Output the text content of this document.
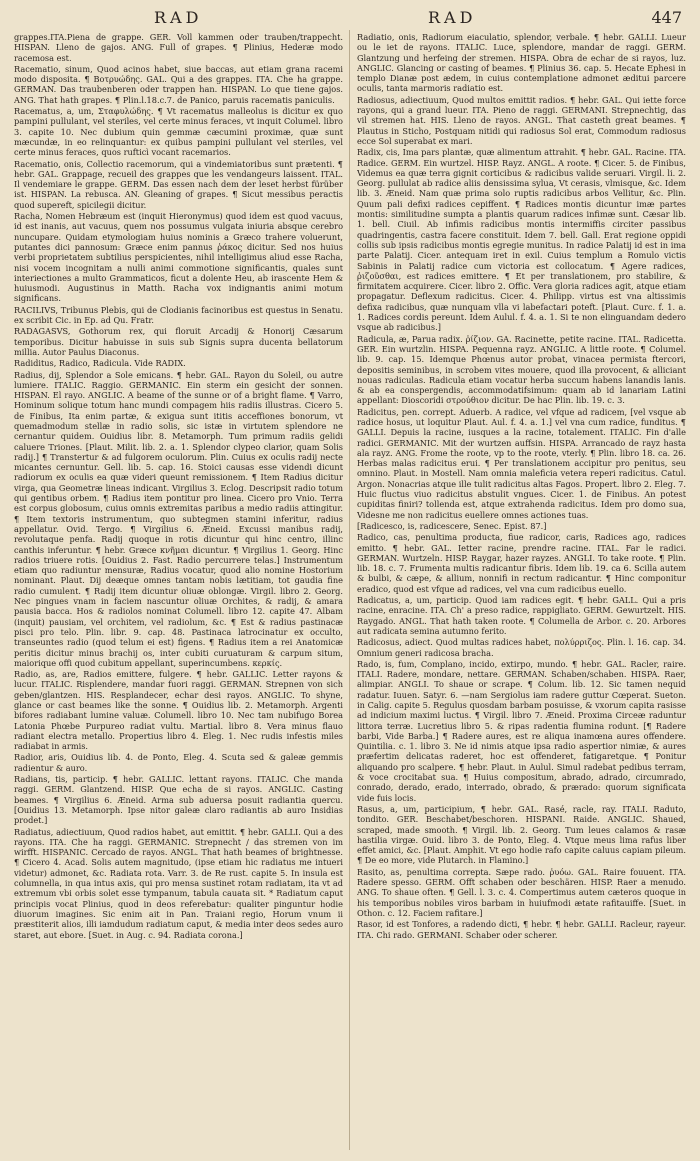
RAD	RAD	447

grappes.ITA.Piena de grappe. GER. Voll kammen oder trauben/trappecht. HISPAN. Lleno de gajos. ANG. Full of grapes. ¶ Plinius, Hederæ modo racemosa est.

Racematio, sinum, Quod acinos habet, siue baccas, aut etiam grana racemi modo disposita. ¶ Βοτρυώδης. GAL. Qui a des grappes. ITA. Che ha grappe. GERMAN. Das traubenberen oder trappen han. HISPAN. Lo que tiene gajos. ANG. That hath grapes. ¶ Plin.l.18.c.7. de Panico, paruis racematis paniculis.

Racematus, a, um, Σταφυλώδης. ¶ Vt racematus malleolus is dicitur ex quo pampini pullulant, vel steriles, vel certe minus feraces, vt inquit Columel. libro 3. capite 10. Nec dubium quin gemmæ cæcumini proximæ, quæ sunt mæcundæ, in eo relinquantur: ex quibus pampini pullulant vel steriles, vel certe minus feraces, quos rufticì vocant racemarios.

Racematio, onis, Collectio racemorum, qui a vindemiatoribus sunt prætenti. ¶ hebr. GAL. Grappage, recueil des grappes que les vendangeurs laissent. ITAL. Il vendemiare le grappe. GERM. Das essen nach dem der leset herbst fürüber ist. HISPAN. La rebusca. AN. Gleaning of grapes. ¶ Sicut messibus peractis quod supereft, spicilegii dicitur.

Racha, Nomen Hebræum est (inquit Hieronymus) quod idem est quod vacuus, id est inanis, aut vacuus, quem nos possumus vulgata iniuria absque cerebro nuncupare. Quidam etymologiam huius nominis a Græco trahere voluerunt, putantes dici pannosum: Græce enim pannus ῥάκος dicitur. Sed nos huius verbi proprietatem subtilius perspicientes, nihil intelligimus aliud esse Racha, nisi vocem incognitam a nulli animi commotione significantis, quales sunt interiectiones a multo Grammaticos, ficut a dolente Heu, ab irascente Hem & huiusmodi. Augustinus in Matth. Racha vox indignantis animi motum significans.

RACILIVS, Tribunus Plebis, qui de Clodianis facinoribus est questus in Senatu. ex scribit Cic. in Ep. ad Qu. Fratr.

RADAGASVS, Gothorum rex, qui floruit Arcadij & Honorij Cæsarum temporibus. Dicitur habuisse in suis sub Signis supra ducenta bellatorum millia. Autor Paulus Diaconus.

Radiditus, Radico, Radicula. Vide RADIX.

Radius, dij, Splendor a Sole emicans. ¶ hebr. GAL. Rayon du Soleil, ou autre lumiere. ITALIC. Raggio. GERMANIC. Ein sterm ein gesicht der sonnen. HISPAN. El rayo. ANGLIC. A beame of the sunne or of a bright flame. ¶ Varro, Hominum solique totum hanc mundi compagem hiis radiis illustras. Cicero 5. de Finibus, Ita enim partæ, & exigua sunt ititis acceffiones bonorum, vt quemadmodum stellæ in radio solis, sic istæ in virtutem splendore ne cernantur quidem. Ouidius libr. 8. Metamorph. Tum primum radiis gelidi caluere Triones. [Plaut. Milit. lib. 2. a. 1. Splendor clypeo clarior, quam Solis radij.] ¶ Transtertur & ad fulgorem oculorum. Plin. Cuius ex oculis radij necte micantes cernuntur. Gell. lib. 5. cap. 16. Stoici causas esse videndi dicunt radiorum ex oculis ea quæ videri queunt remissionem. ¶ Item Radius dicitur virga, qua Geometræ lineas indicant. Virgilius 3. Eclog. Descripsit radio totum qui gentibus orbem. ¶ Radius item pontitur pro linea. Cicero pro Vnio. Terra est corpus globosum, cuius omnis extremitas paribus a medio radiis attingitur. ¶ Item textoris instrumentum, quo subtegmen stamini inferitur, radius appellatur. Ovid. Tergo. ¶ Virgilius 6. Æneid. Excussi manibus radij, revolutaque penfa. Radij quoque in rotis dicuntur qui hinc centro, illinc canthis inferuntur. ¶ hebr. Græce κνῆμαι dicuntur. ¶ Virgilius 1. Georg. Hinc radios triuere rotis. [Ouidius 2. Fast. Radio percurrere telas.] Instrumentum etiam quo radiuntur mensuræ, Radius vocatur, quod alio nomine Hostorium nominant. Plaut. Dij deæque omnes tantam nobis lætitiam, tot gaudia fine radio cumulent. ¶ Radij item dicuntur oliuæ oblongæ. Virgil. libro 2. Georg. Nec pingues vnam in faciem nascuntur oliuæ Orchites, & radij, & amara pausia bacca. Hos & radiolos nominat Columell. libro 12. capite 47. Albam (inquit) pausiam, vel orchitem, vel radiolum, &c. ¶ Est & radius pastinacæ pisci pro telo. Plin. libr. 9. cap. 48. Pastinaca latrocinatur ex occulto, transeuntes radio (quod telum ei est) figens. ¶ Radius item a rei Anatomicæ peritis dicitur minus brachij os, inter cubiti curuaturam & carpum situm, maiorique offi quod cubitum appellant, superincumbens. κερκίς.

Radio, as, are, Radios emittere, fulgere. ¶ hebr. GALLIC. Letter rayons & lucur. ITALIC. Risplendere, mandar fuori raggi. GERMAN. Strepnen von sich geben/glantzen. HIS. Resplandecer, echar desi rayos. ANGLIC. To shyne, glance or cast beames like the sonne. ¶ Ouidius lib. 2. Metamorph. Argenti bifores radiabant lumine valuæ. Columell. libro 10. Nec tam nubifugo Borea Latonia Phœbe Purpureo radiat vultu. Martial. libro 8. Vera minus flauo radiant electra metallo. Propertius libro 4. Eleg. 1. Nec rudis infestis miles radiabat in armis.

Radior, aris, Ouidius lib. 4. de Ponto, Eleg. 4. Scuta sed & galeæ gemmis radientur & auro.

Radians, tis, particip. ¶ hebr. GALLIC. lettant rayons. ITALIC. Che manda raggi. GERM. Glantzend. HISP. Que echa de si rayos. ANGLIC. Casting beames. ¶ Virgilius 6. Æneid. Arma sub aduersa posuit radiantia quercu. [Ouidius 13. Metamorph. Ipse nitor galeæ claro radiantis ab auro Insidias prodet.]

Radiatus, adiectiuum, Quod radios habet, aut emittit. ¶ hebr. GALLI. Qui a des rayons. ITA. Che ha raggi. GERMANIC. Strepnecht / das stremen von im wirfft. HISPANIC. Cercado de rayos. ANGL. That hath beames of brightnesse. ¶ Cicero 4. Acad. Solis autem magnitudo, (ipse etiam hic radiatus me intueri videtur) admonet, &c. Radiata rota. Varr. 3. de Re rust. capite 5. In insula est columnella, in qua intus axis, qui pro mensa sustinet rotam radiatam, ita vt ad extremum vbi orbis solet esse tympanum, tabula cauata sit. * Radiatum caput principis vocat Plinius, quod in deos referebatur: qualiter pinguntur hodie diuorum imagines. Sic enim ait in Pan. Traiani regio, Horum vnum ii præstiterit alios, illi iamdudum radiatum caput, & media inter deos sedes auro staret, aut ebore. [Suet. in Aug. c. 94. Radiata corona.]

Radiatio, onis, Radiorum eiaculatio, splendor, verbale. ¶ hebr. GALLI. Lueur ou le iet de rayons. ITALIC. Luce, splendore, mandar de raggi. GERM. Glantzung und herfeing der stremen. HISPA. Obra de echar de si rayos, luz. ANGLIC. Glancing or casting of beames. ¶ Plinius 36. cap. 5. Hecate Ephesi in templo Dianæ post ædem, in cuius contemplatione admonet æditui parcere oculis, tanta marmoris radiatio est.

Radiosus, adiectiuum, Quod multos emittit radios. ¶ hebr. GAL. Qui iette force rayons, qui a grand lueur. ITA. Pieno de raggi. GERMANI. Strepnechtig, das vil stremen hat. HIS. Lleno de rayos. ANGL. That casteth great beames. ¶ Plautus in Sticho, Postquam nitidi qui radiosus Sol erat, Commodum radiosus ecce Sol superabat ex mari.

Radix, cis, Ima pars plantæ, quæ alimentum attrahit. ¶ hebr. GAL. Racine. ITA. Radice. GERM. Ein wurtzel. HISP. Rayz. ANGL. A roote. ¶ Cicer. 5. de Finibus, Videmus ea quæ terra gignit corticibus & radicibus valide seruari. Virgil. li. 2. Georg. pullulat ab radice aliis densissima sylua, Vt cerasis, vlmisque, &c. Idem lib. 3. Æneid. Nam quæ prima solo ruptis radicibus arbos Vellitur, &c. Plin. Quum pali defixi radices cepiffent. ¶ Radices montis dicuntur imæ partes montis: similitudine sumpta a plantis quarum radices infimæ sunt. Cæsar lib. 1. bell. Ciuil. Ab infimis radicibus montis intermiffis circiter passibus quadringentis, castra facere constituit. Idem 7. bell. Gall. Erat regione oppidi collis sub ipsis radicibus montis egregie munitus. In radice Palatij id est in ima parte Palatij. Cicer. antequam iret in exil. Cuius templum a Romulo victis Sabinis in Palatij radice cum victoria est collocatum. ¶ Agere radices, ῥιζοῦσθαι, est radices emittere. ¶ Et per translationem, pro stabilire, & firmitatem acquirere. Cicer. libro 2. Offic. Vera gloria radices agit, atque etiam propagatur. Deflexum radicitus. Cicer. 4. Philipp. virtus est vna altissimis defixa radicibus, quæ nunquam vlla vi labefactari poteft. [Plaut. Curc. f. 1. a. 1. Radices cordis pereunt. Idem Aulul. f. 4. a. 1. Si te non elinguandam dedero vsque ab radicibus.]

Radicula, æ, Parua radix. ῥίζιον. GA. Racinette, petite racine. ITAL. Radicetta. GER. Ein wurtzlin. HISPA. Pequenna rayz. ANGLIC. A little roote. ¶ Columel. lib. 9. cap. 15. Idemque Phœnus autor probat, vinacea permista ftercori, depositis seminibus, in scrobem vites mouere, quod illa provocent, & alliciant nouas radiculas. Radicula etiam vocatur herba succum habens lanandis lanis. & ab ea conspergendis, accommodatifsimum: quam ab id lanariam Latini appellant: Dioscoridi στρούθιον dicitur. De hac Plin. lib. 19. c. 3.

Radicitus, pen. corrept. Aduerb. A radice, vel vfque ad radicem, [vel vsque ab radice hosus, ut loquitur Plaut. Aul. f. 4. a. 1.] vel vna cum radice, funditus. ¶ GALLI. Depuis la racine, iusques a la racine, totalement. ITALIC. Fin d'alle radici. GERMANIC. Mit der wurtzen auffsin. HISPA. Arrancado de rayz hasta ala rayz. ANG. Frome the roote, vp to the roote, vterly. ¶ Plin. libro 18. ca. 26. Herbas malas radicitus erui. ¶ Per translationem accipitur pro penitus, seu omnino. Plaut. in Mostell. Nam omnia maleficia vetera reperi radicitus. Catul. Argon. Nonacrias atque ille tulit radicitus altas Fagos. Propert. libro 2. Eleg. 7. Huic fluctus viuo radicitus abstulit vngues. Cicer. 1. de Finibus. An potest cupiditas finiri? tollenda est, atque extrahenda radicitus. Idem pro domo sua, Videsne me non radicitus euellere omnes actiones tuas.

[Radicesco, is, radicescere, Senec. Epist. 87.]

Radico, cas, penultima producta, fiue radicor, caris, Radices ago, radices emitto. ¶ hebr. GAL. Ietter racine, prendre racine. ITAL. Far le radici. GERMAN. Wurtzeln. HISP. Raygar, hazer rayzes. ANGLI. To take roote. ¶ Plin. lib. 18. c. 7. Frumenta multis radicantur fibris. Idem lib. 19. ca 6. Scilla autem & bulbi, & cæpe, & allium, nonnifi in rectum radicantur. ¶ Hinc componitur eradico, quod est vfque ad radices, vel vna cum radicibus euello.

Radicatus, a, um, particip. Quod iam radices egit. ¶ hebr. GALL. Qui a pris racine, enracine. ITA. Ch' a preso radice, rappigliato. GERM. Gewurtzelt. HIS. Raygado. ANGL. That hath taken roote. ¶ Columella de Arbor. c. 20. Arbores aut radicata semina autumno ferito.

Radicosus, adiect. Quod multas radices habet, πολύρριζος. Plin. l. 16. cap. 34. Omnium generi radicosa bracha.

Rado, is, fum, Complano, incido, extirpo, mundo. ¶ hebr. GAL. Racler, raire. ITALI. Radere, mondare, nettare. GERMAN. Schaben/schaben. HISPA. Raer, alimpiar. ANGLI. To shaue or scrape. ¶ Colum. lib. 12. Sic tamen nequid radatur. Iuuen. Satyr. 6. —nam Sergiolus iam radere guttur Cœperat. Sueton. in Calig. capite 5. Regulus quosdam barbam posuisse, & vxorum capita rasisse ad indicium maximi luctus. ¶ Virgil. libro 7. Æneid. Proxima Circeæ raduntur littora terræ. Lucretius libro 5. & ripas radentia flumina rodunt. [¶ Radere barbi, Vide Barba.] ¶ Radere aures, est re aliqua inamœna aures offendere. Quintilia. c. 1. libro 3. Ne id nimis atque ipsa radio aspertior nimiæ, & aures præfertim delicatas raderet, hoc est offenderet, fatigaretque. ¶ Ponitur aliquando pro scalpere. ¶ hebr. Plaut. in Aulul. Simul radebat pedibus terram, & voce crocitabat sua. ¶ Huius compositum, abrado, adrado, circumrado, conrado, derado, erado, interrado, obrado, & prærado: quorum significata vide fuis locis.

Rasus, a, um, participium, ¶ hebr. GAL. Rasé, racle, ray. ITALI. Raduto, tondito. GER. Beschabet/beschoren. HISPANI. Raide. ANGLIC. Shaued, scraped, made smooth. ¶ Virgil. lib. 2. Georg. Tum leues calamos & rasæ hastilia virgæ. Ouid. libro 3. de Ponto, Eleg. 4. Vtque meus lima rafus liber effet amici, &c. [Plaut. Amphit. Vt ego hodie rafo capite caluus capiam pileum. ¶ De eo more, vide Plutarch. in Flamino.]

Rasito, as, penultima correpta. Sæpe rado. ῥυόω. GAL. Raire fouuent. ITA. Radere spesso. GERM. Offt schaben oder beschären. HISP. Raer a menudo. ANG. To shaue often. ¶ Gell. l. 3. c. 4. Compertimus autem cæteros quoque in his temporibus nobiles viros barbam in huiufmodi ætate rafitauiffe. [Suet. in Othon. c. 12. Faciem rafitare.]

Rasor, id est Tonfores, a radendo dicti, ¶ hebr. ¶ hebr. GALLI. Racleur, rayeur. ITA. Chi rado. GERMANI. Schaber oder scherer.
